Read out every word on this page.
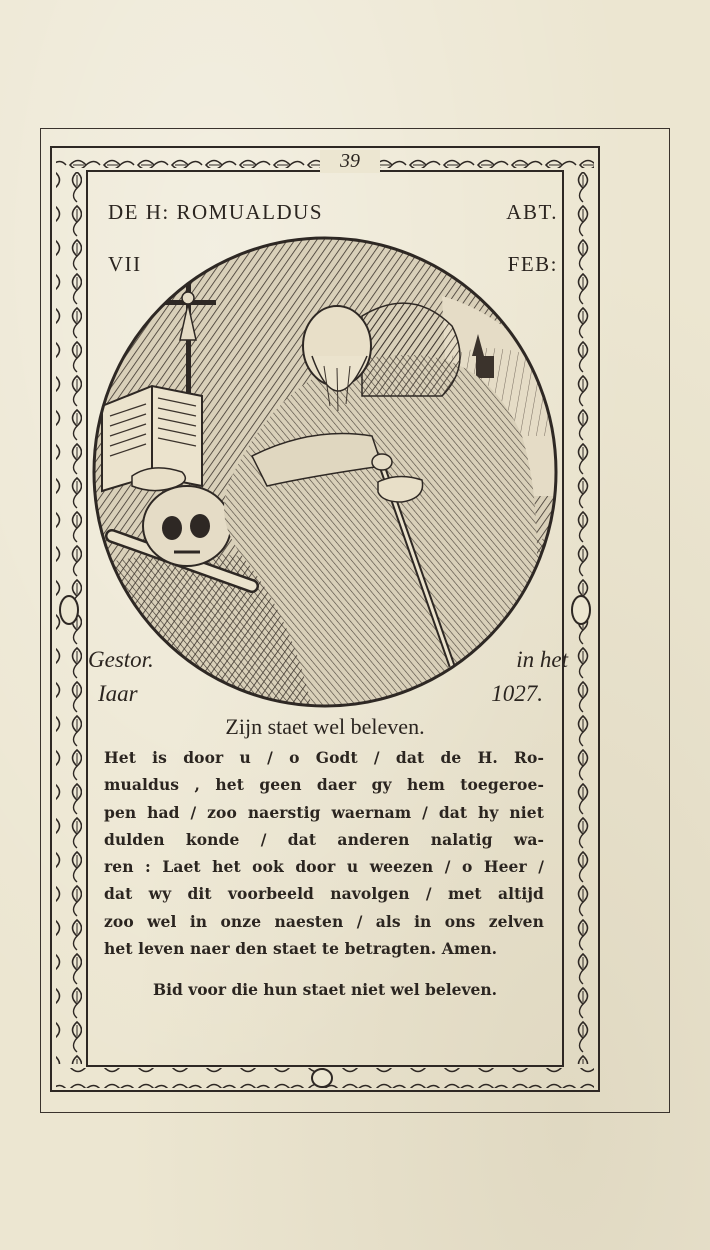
39
DE H: ROMUALDUS	ABT.
VII	FEB:
Gestor.	in het
Iaar	1027.
Zijn staet wel beleven.
Het is door u / o Godt / dat de H. Ro-
mualdus , het geen daer gy hem toegeroe-
pen had / zoo naerstig waernam / dat hy niet
dulden konde / dat anderen nalatig wa-
ren : Laet het ook door u weezen / o Heer /
dat wy dit voorbeeld navolgen / met altijd
zoo wel in onze naesten / als in ons zelven
het leven naer den staet te betragten. Amen.
Bid voor die hun staet niet wel beleven.
